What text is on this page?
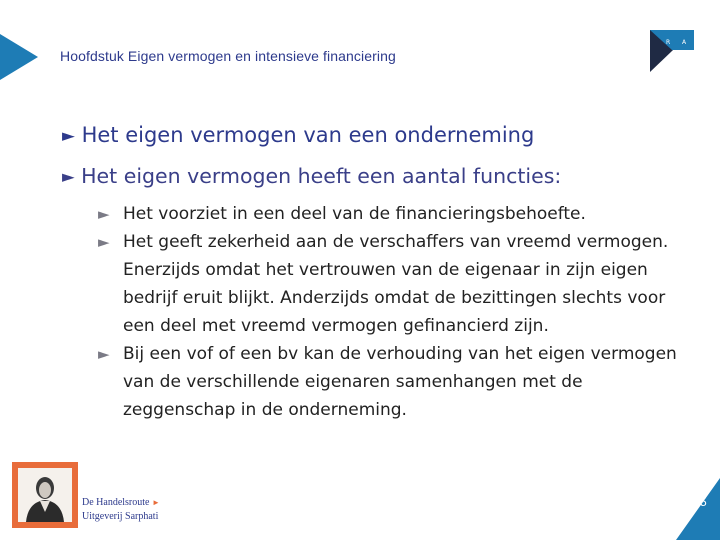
Hoofdstuk Eigen vermogen en intensieve financiering
R A
► Het eigen vermogen van een onderneming
► Het eigen vermogen heeft een aantal functies:
► Het voorziet in een deel van de financieringsbehoefte.
► Het geeft zekerheid aan de verschaffers van vreemd vermogen. Enerzijds omdat het vertrouwen van de eigenaar in zijn eigen bedrijf eruit blijkt. Anderzijds omdat de bezittingen slechts voor een deel met vreemd vermogen gefinancierd zijn.
► Bij een vof of een bv kan de verhouding van het eigen vermogen van de verschillende eigenaren samenhangen met de zeggenschap in de onderneming.
De Handelsroute ►
Uitgeverij Sarphati
5
